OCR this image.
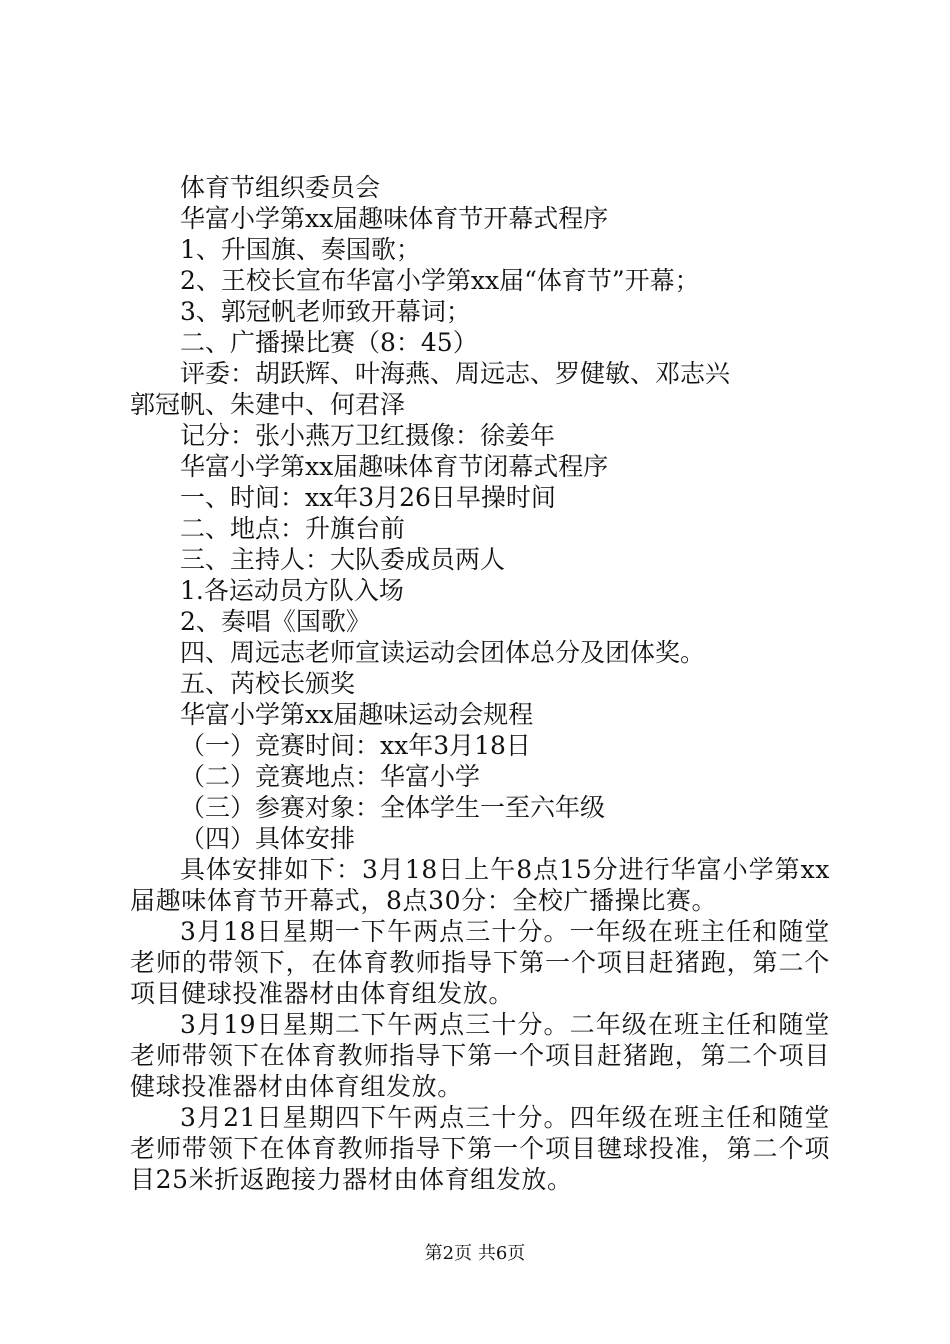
体育节组织委员会
华富小学第xx届趣味体育节开幕式程序
1、升国旗、奏国歌；
2、王校长宣布华富小学第xx届“体育节”开幕；
3、郭冠帆老师致开幕词；
二、广播操比赛（8：45）
评委：胡跃辉、叶海燕、周远志、罗健敏、邓志兴
郭冠帆、朱建中、何君泽
记分：张小燕万卫红摄像：徐姜年
华富小学第xx届趣味体育节闭幕式程序
一、时间：xx年3月26日早操时间
二、地点：升旗台前
三、主持人：大队委成员两人
1.各运动员方队入场
2、奏唱《国歌》
四、周远志老师宣读运动会团体总分及团体奖。
五、芮校长颁奖
华富小学第xx届趣味运动会规程
（一）竞赛时间：xx年3月18日
（二）竞赛地点：华富小学
（三）参赛对象：全体学生一至六年级
（四）具体安排
具体安排如下：3月18日上午8点15分进行华富小学第xx届趣味体育节开幕式，8点30分：全校广播操比赛。
3月18日星期一下午两点三十分。一年级在班主任和随堂老师的带领下，在体育教师指导下第一个项目赶猪跑，第二个项目健球投准器材由体育组发放。
3月19日星期二下午两点三十分。二年级在班主任和随堂老师带领下在体育教师指导下第一个项目赶猪跑，第二个项目健球投准器材由体育组发放。
3月21日星期四下午两点三十分。四年级在班主任和随堂老师带领下在体育教师指导下第一个项目毽球投准，第二个项目25米折返跑接力器材由体育组发放。
第2页 共6页
